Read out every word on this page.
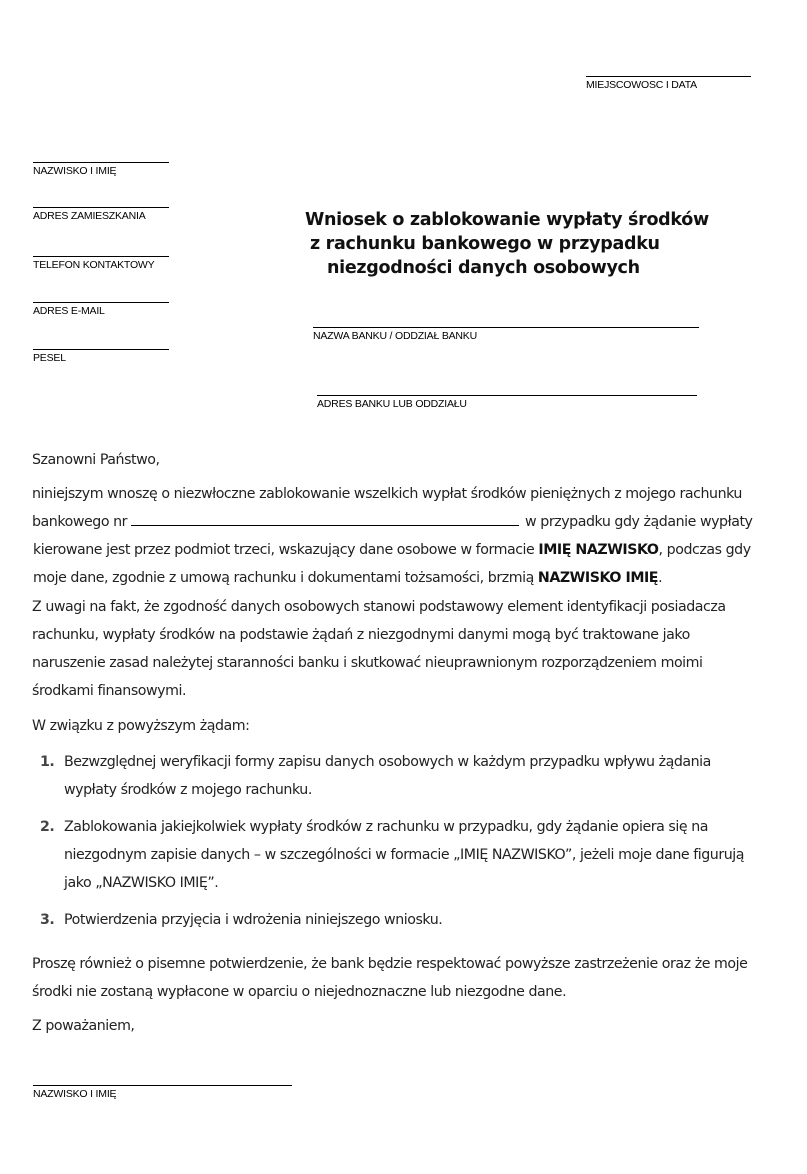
MIEJSCOWOSC I DATA
NAZWISKO I IMIĘ
ADRES ZAMIESZKANIA
TELEFON KONTAKTOWY
ADRES E-MAIL
PESEL
Wniosek o zablokowanie wypłaty środków
z rachunku bankowego w przypadku
niezgodności danych osobowych
NAZWA BANKU / ODDZIAŁ BANKU
ADRES BANKU LUB ODDZIAŁU
Szanowni Państwo,
niniejszym wnoszę o niezwłoczne zablokowanie wszelkich wypłat środków pieniężnych z mojego rachunku
bankowego nr	w przypadku gdy żądanie wypłaty
kierowane jest przez podmiot trzeci, wskazujący dane osobowe w formacie IMIĘ NAZWISKO, podczas gdy
moje dane, zgodnie z umową rachunku i dokumentami tożsamości, brzmią NAZWISKO IMIĘ.
Z uwagi na fakt, że zgodność danych osobowych stanowi podstawowy element identyfikacji posiadacza
rachunku, wypłaty środków na podstawie żądań z niezgodnymi danymi mogą być traktowane jako
naruszenie zasad należytej staranności banku i skutkować nieuprawnionym rozporządzeniem moimi
środkami finansowymi.
W związku z powyższym żądam:
1. Bezwzględnej weryfikacji formy zapisu danych osobowych w każdym przypadku wpływu żądania
wypłaty środków z mojego rachunku.
2. Zablokowania jakiejkolwiek wypłaty środków z rachunku w przypadku, gdy żądanie opiera się na
niezgodnym zapisie danych – w szczególności w formacie „IMIĘ NAZWISKO”, jeżeli moje dane figurują
jako „NAZWISKO IMIĘ”.
3. Potwierdzenia przyjęcia i wdrożenia niniejszego wniosku.
Proszę również o pisemne potwierdzenie, że bank będzie respektować powyższe zastrzeżenie oraz że moje
środki nie zostaną wypłacone w oparciu o niejednoznaczne lub niezgodne dane.
Z poważaniem,
NAZWISKO I IMIĘ
